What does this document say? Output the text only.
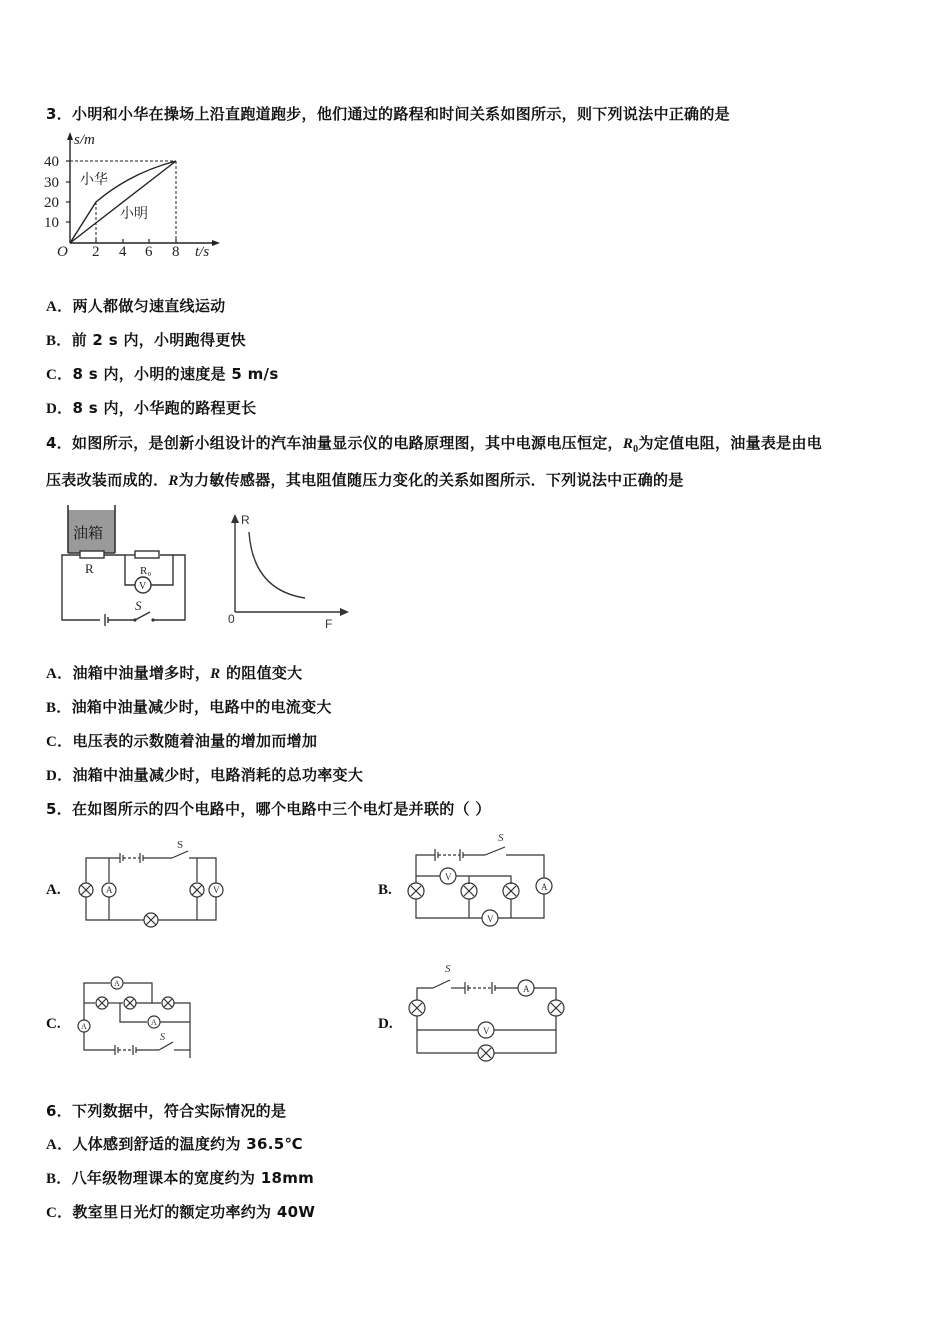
3．小明和小华在操场上沿直跑道跑步，他们通过的路程和时间关系如图所示，则下列说法中正确的是
s/m
10
20
30
40
O 2 4 6 8 t/s
小华
小明
A．两人都做匀速直线运动
B．前 2 s 内，小明跑得更快
C．8 s 内，小明的速度是 5 m/s
D．8 s 内，小华跑的路程更长
4．如图所示，是创新小组设计的汽车油量显示仪的电路原理图，其中电源电压恒定，$R_0$为定值电阻，油量表是由电
压表改装而成的．R为力敏传感器，其电阻值随压力变化的关系如图所示．下列说法中正确的是
油箱
R	R₀
V
S
R
0	F
A．油箱中油量增多时，R 的阻值变大
B．油箱中油量减少时，电路中的电流变大
C．电压表的示数随着油量的增加而增加
D．油箱中油量减少时，电路消耗的总功率变大
5．在如图所示的四个电路中，哪个电路中三个电灯是并联的（ ）
A.	A	V
S
B.
V
V
A
S
C.
A
A
A
S
D.
A
V
S
6．下列数据中，符合实际情况的是
A．人体感到舒适的温度约为 36.5℃
B．八年级物理课本的宽度约为 18mm
C．教室里日光灯的额定功率约为 40W
